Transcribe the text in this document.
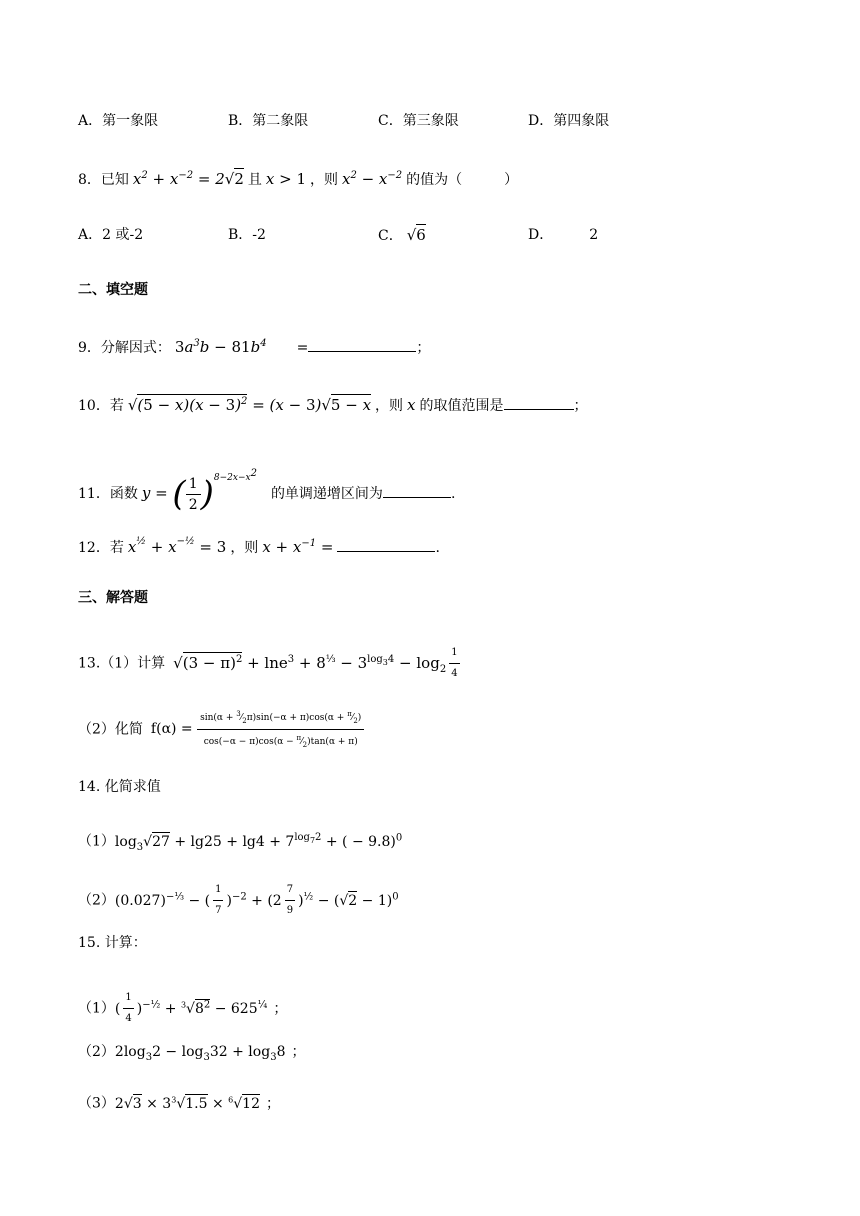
A．第一象限	B．第二象限	C．第三象限	D．第四象限
8．已知 $x^2 + x^{-2} = 2√2$ 且 x > 1 ，则 $x^2 - x^{-2}$ 的值为（　　　）
A．2 或-2	B．-2	C． √6	D．	2
二、填空题
9．分解因式： $3a^3b - 81b^4$ =	；
10．若 $√(5 - x)(x - 3)^2 = (x - 3)√5 - x$ ，则 x 的取值范围是	；
11．函数 y = ( $\frac{1}{2} )^{8-2x-x^2}$的单调递增区间为	.
12．若 $x^{\frac{1}{2}} + x^{-\frac{1}{2}} = 3$ ，则 $x + x^{-1}$ =	.
三、解答题
13.（1）计算 $√(3 - \pi)^2 + \ln e^3 + 8^{\frac{1}{3}} - 3^{log_34} - \log_2 \frac{1}{4}$
（2）化简 $f(\alpha) = \frac{\sin(\alpha + ^3⁄_2\pi)\sin(-\alpha + \pi)\cos(\alpha + ^\pi⁄_2)}{\cos(-\alpha - \pi)\cos(\alpha - ^\pi⁄_2)\tan(\alpha + \pi)}$
14. 化简求值
$(1)\log_3√27 + \lg 25 + \lg 4 + 7^{log_72}$ + ( − 9.8)$^0$
$(2)(0.027)^{-\frac{1}{3}}$ − ( $\frac{1}{7} )^{-2} + (2 \frac{7}{9} )^{\frac{1}{2}} - (√2 - 1)^0$
15. 计算：
$(1)( \frac{1}{4} )^{-\frac{1}{2}} + ^3√8^2 - 625^{\frac{1}{4}}$ ；
$(2)2\log_32 - \log_332 + \log_38$ ；
$(3)2√3 \times 3^3√1.5 \times ^6√12$ ；
